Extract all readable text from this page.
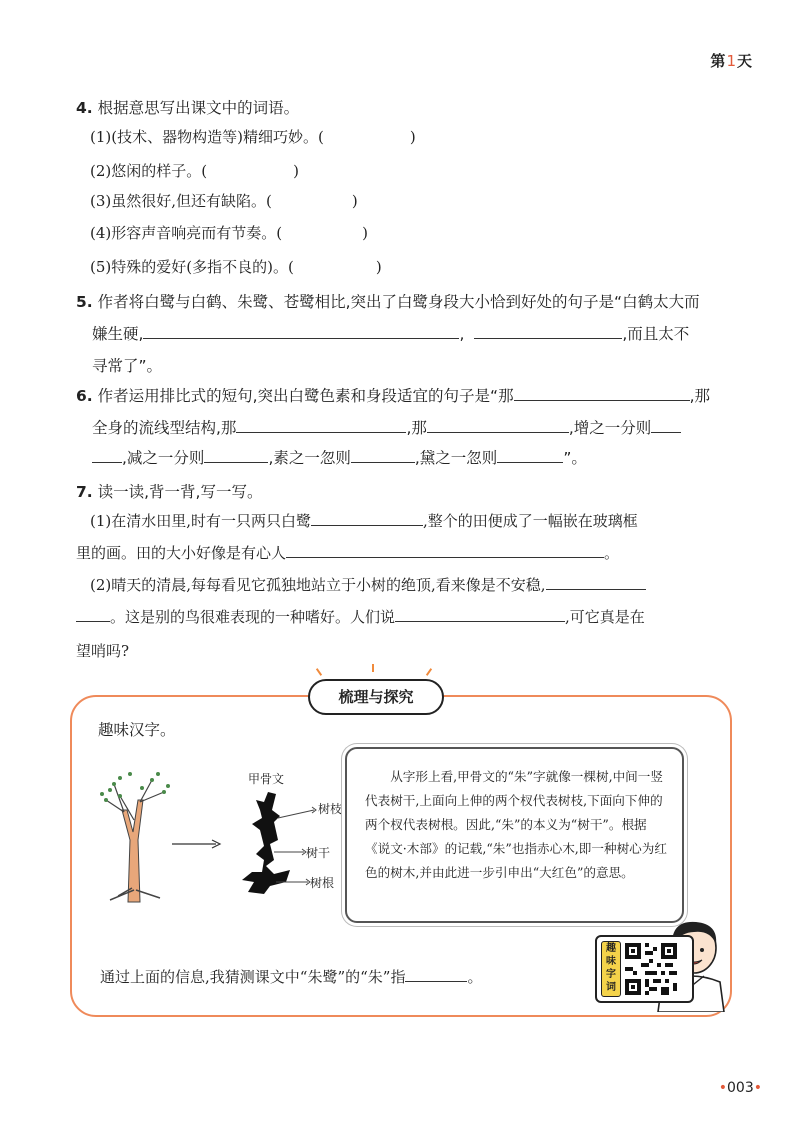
第1天
4. 根据意思写出课文中的词语。
(1)(技术、器物构造等)精细巧妙。(	)
(2)悠闲的样子。(	)
(3)虽然很好,但还有缺陷。(	)
(4)形容声音响亮而有节奏。(	)
(5)特殊的爱好(多指不良的)。(	)
5. 作者将白鹭与白鹤、朱鹭、苍鹭相比,突出了白鹭身段大小恰到好处的句子是“白鹤太大而
嫌生硬,	,	,而且太不
寻常了”。
6. 作者运用排比式的短句,突出白鹭色素和身段适宜的句子是“那	,那
全身的流线型结构,那	,那	,增之一分则
,减之一分则	,素之一忽则	,黛之一忽则	”。
7. 读一读,背一背,写一写。
(1)在清水田里,时有一只两只白鹭	,整个的田便成了一幅嵌在玻璃框
里的画。田的大小好像是有心人	。
(2)晴天的清晨,每每看见它孤独地站立于小树的绝顶,看来像是不安稳,
。这是别的鸟很难表现的一种嗜好。人们说	,可它真是在
望哨吗?
梳理与探究
趣味汉字。
甲骨文
树枝
树干
树根
从字形上看,甲骨文的“朱”字就像一棵树,中间一竖代表树干,上面向上伸的两个杈代表树枝,下面向下伸的两个杈代表树根。因此,“朱”的本义为“树干”。根据《说文·木部》的记载,“朱”也指赤心木,即一种树心为红色的树木,并由此进一步引申出“大红色”的意思。
通过上面的信息,我猜测课文中“朱鹭”的“朱”指	。
趣味字词
•003•
